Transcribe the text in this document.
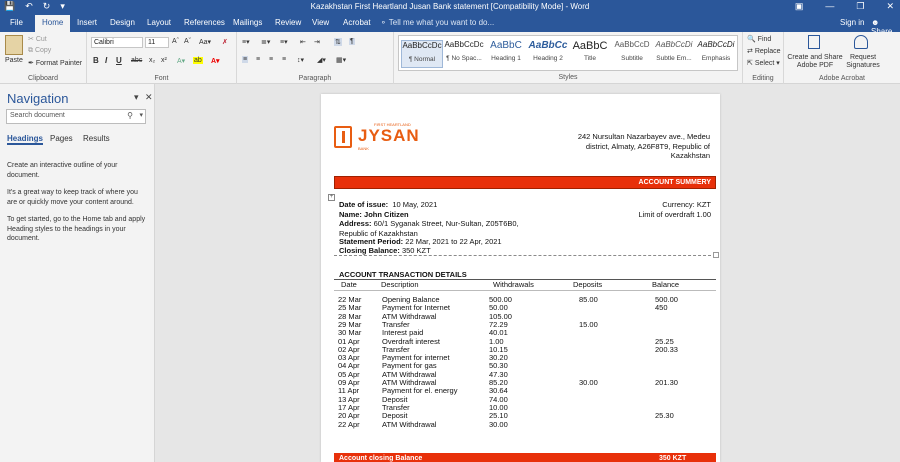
💾 ↶ ↻ ▾	Kazakhstan First Heartland Jusan Bank statement [Compatibility Mode] - Word	▣ — ❐ ✕
File	Home	Insert Design Layout References Mailings Review View Acrobat ⚬ Tell me what you want to do...	Sign in ☻
Paste
✂ Cut
⧉ Copy
✒ Format Painter
Clipboard
Calibri	11	Aˆ Aˇ Aa▾ ✗
B I U abc x₂ x² A▾ ab A▾
Font
≡▾ ≣▾ ≡▾ ⇤ ⇥ ⇅ ¶
≡ ≡ ≡ ≡ ↕▾ ◢▾ ▦▾
Paragraph
AaBbCcDc
¶ Normal
AaBbCcDc
¶ No Spac...
AaBbC
Heading 1
AaBbCc
Heading 2
AaBbC
Title
AaBbCcD
Subtitle
AaBbCcDi
Subtle Em...
AaBbCcDi
Emphasis
Styles
🔍 Find
⇄ Replace
⇱ Select ▾
Editing
Create and Share Adobe PDF
Request Signatures
Adobe Acrobat
Navigation	▾ ✕
Search document	⚲ ▾
Headings Pages Results
Create an interactive outline of your document.
It's a great way to keep track of where you are or quickly move your content around.
To get started, go to the Home tab and apply Heading styles to the headings in your document.
JYSAN
FIRST HEARTLAND
BANK
242 Nursultan Nazarbayev ave., Medeu district, Almaty, A26F8T9, Republic of Kazakhstan
ACCOUNT SUMMERY
+
Date of issue: 10 May, 2021
Name: John Citizen
Address: 60/1 Syganak Street, Nur-Sultan, Z05T6B0, Republic of Kazakhstan
Statement Period: 22 Mar, 2021 to 22 Apr, 2021
Closing Balance: 350 KZT
Currency: KZT
Limit of overdraft 1.00
ACCOUNT TRANSACTION DETAILS
Date	Description	Withdrawals	Deposits	Balance
22 Mar	Opening Balance	500.00	85.00	500.00
25 Mar	Payment for Internet	50.00	450
28 Mar	ATM Withdrawal	105.00
29 Mar	Transfer	72.29	15.00
30 Mar	Interest paid	40.01
01 Apr	Overdraft interest	1.00	25.25
02 Apr	Transfer	10.15	200.33
03 Apr	Payment for internet	30.20
04 Apr	Payment for gas	50.30
05 Apr	ATM Withdrawal	47.30
09 Apr	ATM Withdrawal	85.20	30.00	201.30
11 Apr	Payment for el. energy	30.64
13 Apr	Deposit	74.00
17 Apr	Transfer	10.00
20 Apr	Deposit	25.10	25.30
22 Apr	ATM Withdrawal	30.00
Account closing Balance	350 KZT
